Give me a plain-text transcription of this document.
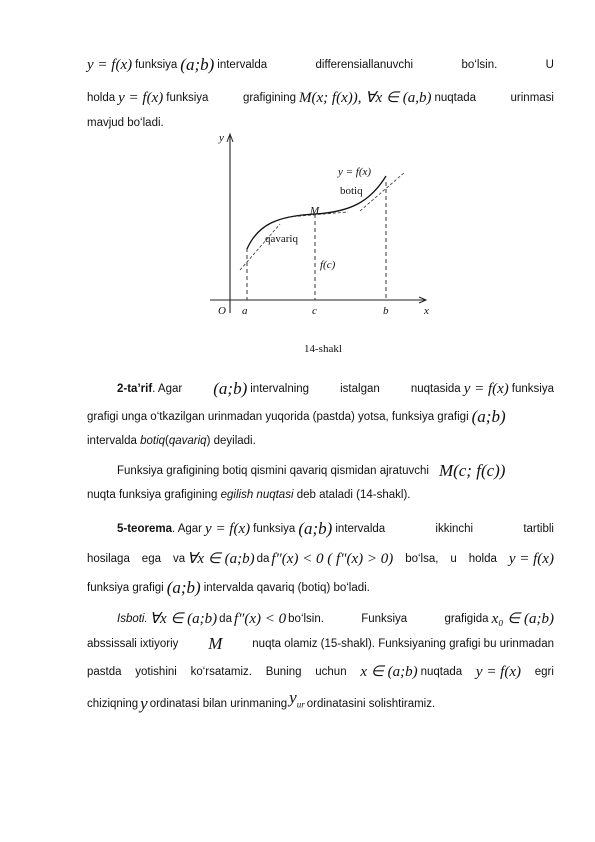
y = f(x) funksiya (a;b) intervalda	differensiallanuvchi	bo‘lsin.	U
holda y = f(x) funksiya	grafigining M(x; f(x)), ∀x ∈ (a,b) nuqtada	urinmasi
mavjud bo‘ladi.
y
x
O a	c	b
y = f(x)
botiq
M
qavariq
f(c)
14-shakl
2-ta’rif. Agar (a;b) intervalning	istalgan	nuqtasida y = f(x) funksiya
grafigi unga o‘tkazilgan urinmadan yuqorida (pastda) yotsa, funksiya grafigi (a;b)
intervalda botiq(qavariq) deyiladi.
Funksiya grafigining botiq qismini qavariq qismidan ajratuvchi M(c; f(c))
nuqta funksiya grafigining egilish nuqtasi deb ataladi (14-shakl).
5-teorema. Agar y = f(x) funksiya (a;b) intervalda	ikkinchi	tartibli
hosilaga ega va ∀x ∈ (a;b) da f″(x) < 0 ( f″(x) > 0) bo‘lsa, u holda y = f(x)
funksiya grafigi (a;b) intervalda qavariq (botiq) bo‘ladi.
Isboti. ∀x ∈ (a;b) da f″(x) < 0 bo‘lsin.	Funksiya	grafigida x₀ ∈ (a;b)
abssissali ixtiyoriy M	nuqta olamiz (15-shakl). Funksiyaning grafigi bu urinmadan
pastda yotishini ko‘rsatamiz. Buning uchun x ∈ (a;b) nuqtada y = f(x) egri
chiziqning y ordinatasi bilan urinmaning $y_{ur}$ ordinatasini solishtiramiz.
